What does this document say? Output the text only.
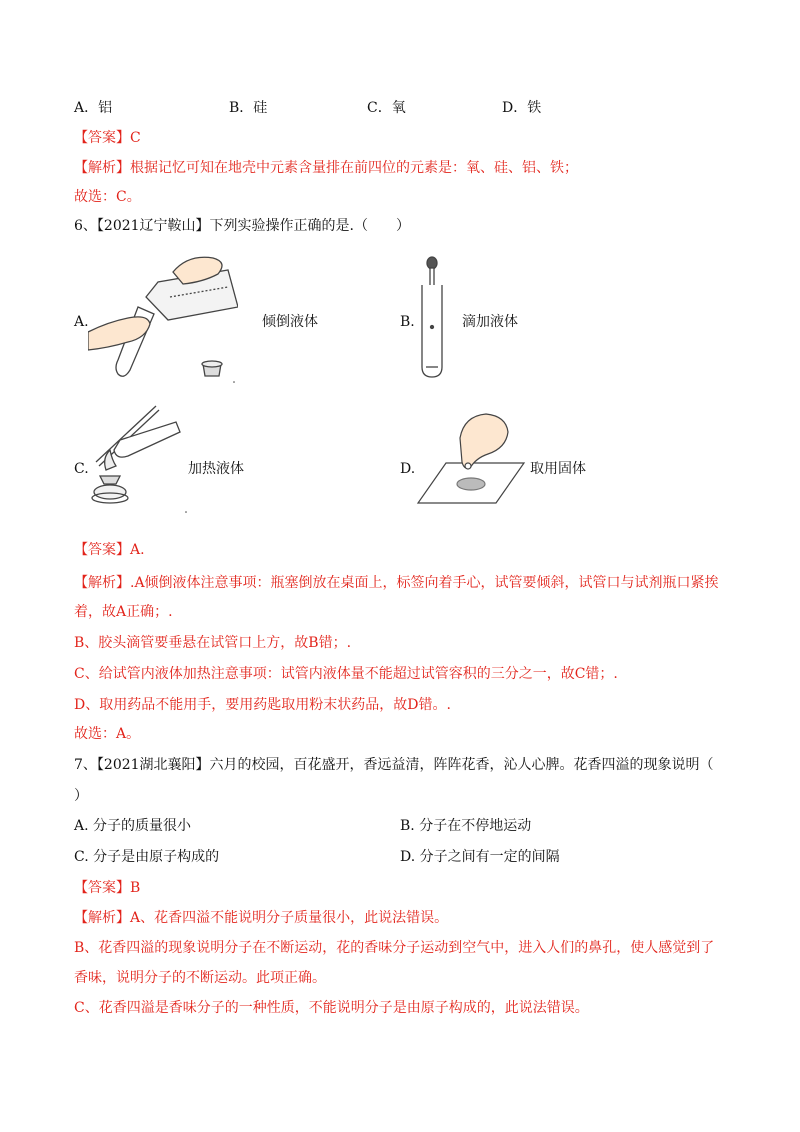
A．铝	B．硅	C．氧	D．铁
【答案】C
【解析】根据记忆可知在地壳中元素含量排在前四位的元素是：氧、硅、铝、铁；
故选：C。
6、【2021辽宁鞍山】下列实验操作正确的是.（　　）
A.	倾倒液体	B.	滴加液体
C.	加热液体	D.	取用固体
【答案】A.
【解析】.A倾倒液体注意事项：瓶塞倒放在桌面上，标签向着手心，试管要倾斜，试管口与试剂瓶口紧挨
着，故A正确；.
B、胶头滴管要垂悬在试管口上方，故B错；.
C、给试管内液体加热注意事项：试管内液体量不能超过试管容积的三分之一，故C错；.
D、取用药品不能用手，要用药匙取用粉末状药品，故D错。.
故选：A。
7、【2021湖北襄阳】六月的校园，百花盛开，香远益清，阵阵花香，沁人心脾。花香四溢的现象说明（
）
A. 分子的质量很小	B. 分子在不停地运动
C. 分子是由原子构成的	D. 分子之间有一定的间隔
【答案】B
【解析】A、花香四溢不能说明分子质量很小，此说法错误。
B、花香四溢的现象说明分子在不断运动，花的香味分子运动到空气中，进入人们的鼻孔，使人感觉到了
香味，说明分子的不断运动。此项正确。
C、花香四溢是香味分子的一种性质，不能说明分子是由原子构成的，此说法错误。
